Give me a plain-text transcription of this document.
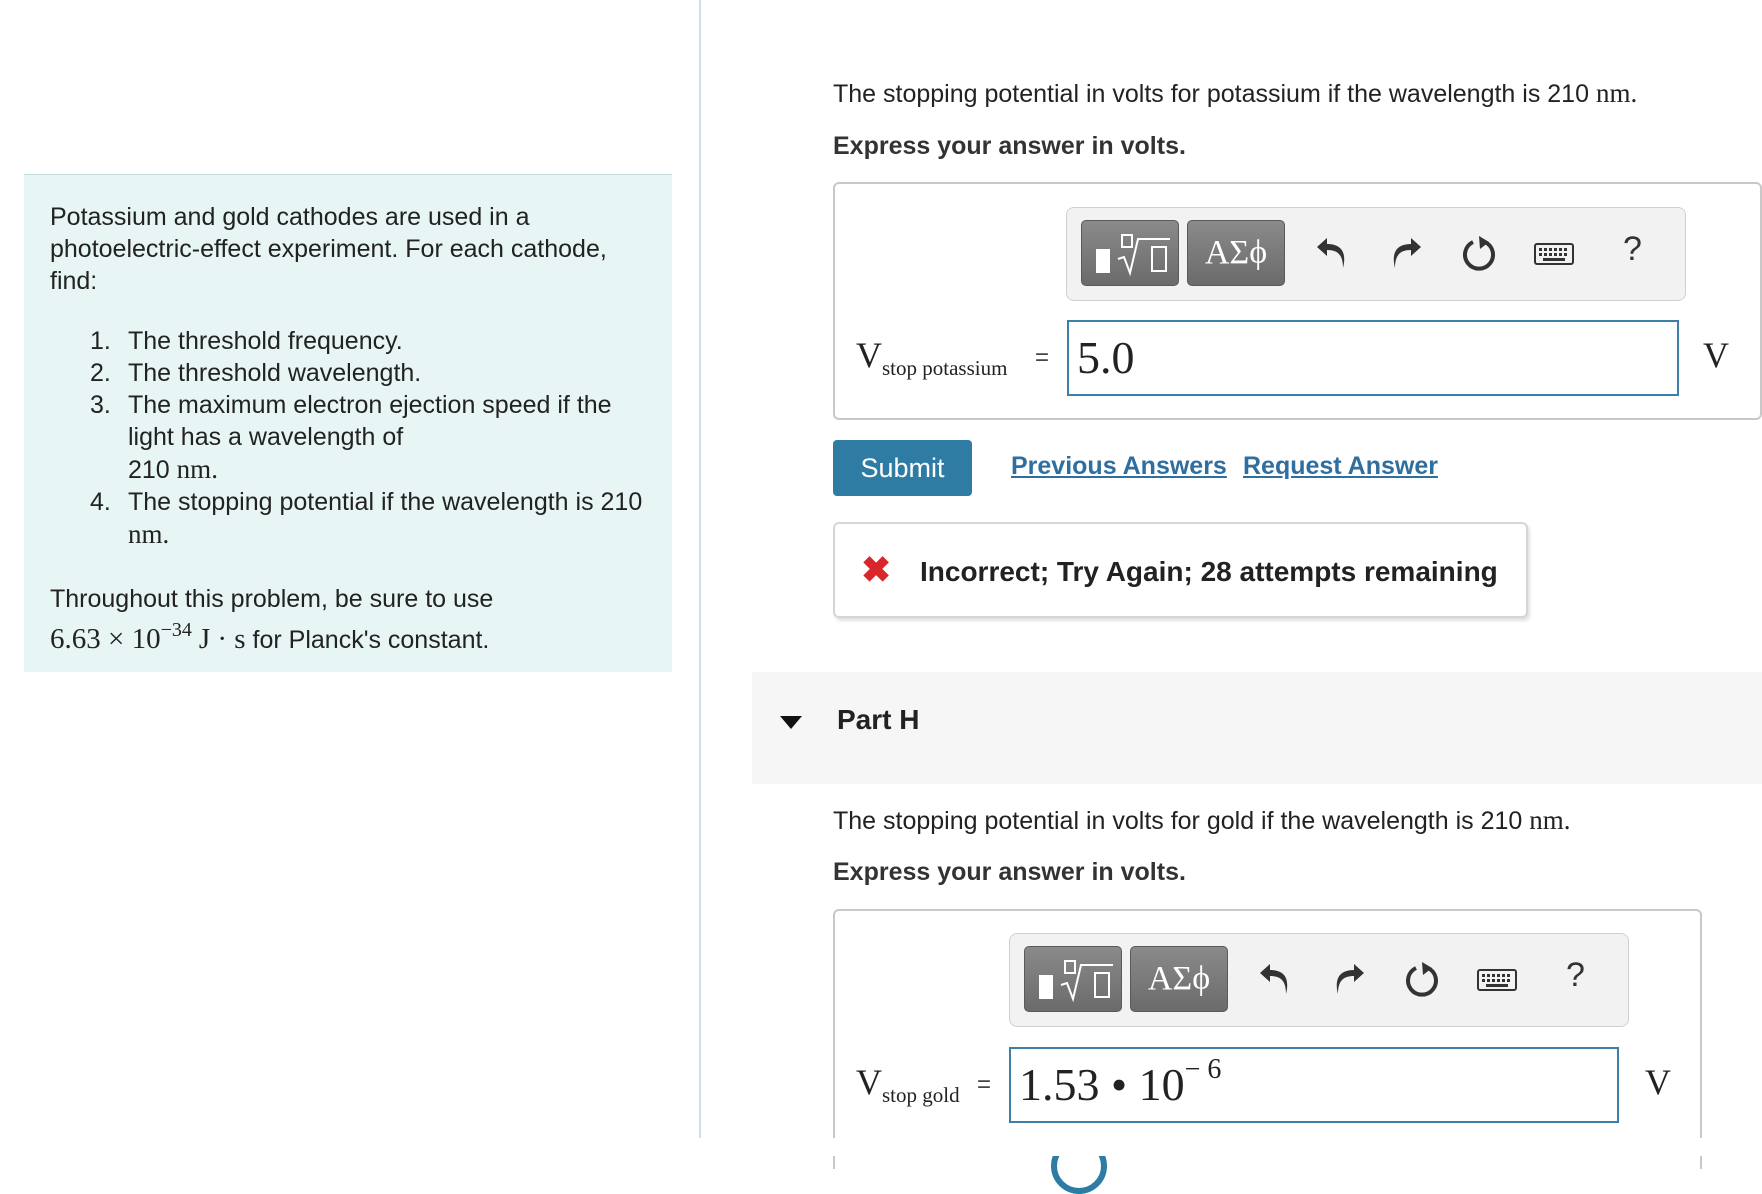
Potassium and gold cathodes are used in a photoelectric-effect experiment. For each cathode, find:

1. The threshold frequency.
2. The threshold wavelength.
3. The maximum electron ejection speed if the light has a wavelength of
210 nm.
4. The stopping potential if the wavelength is 210 nm.

Throughout this problem, be sure to use
$6.63 \times 10^{-34}$ J · s for Planck's constant.

The stopping potential in volts for potassium if the wavelength is 210 nm.
Express your answer in volts.
ΑΣϕ	?
$V_{stop potassium} = 5.0$	V
Submit	Previous Answers Request Answer
✖ Incorrect; Try Again; 28 attempts remaining
Part H
The stopping potential in volts for gold if the wavelength is 210 nm.
Express your answer in volts.
ΑΣϕ	?
$V_{stop gold} = 1.53$ • $10^{- 6}$	V
